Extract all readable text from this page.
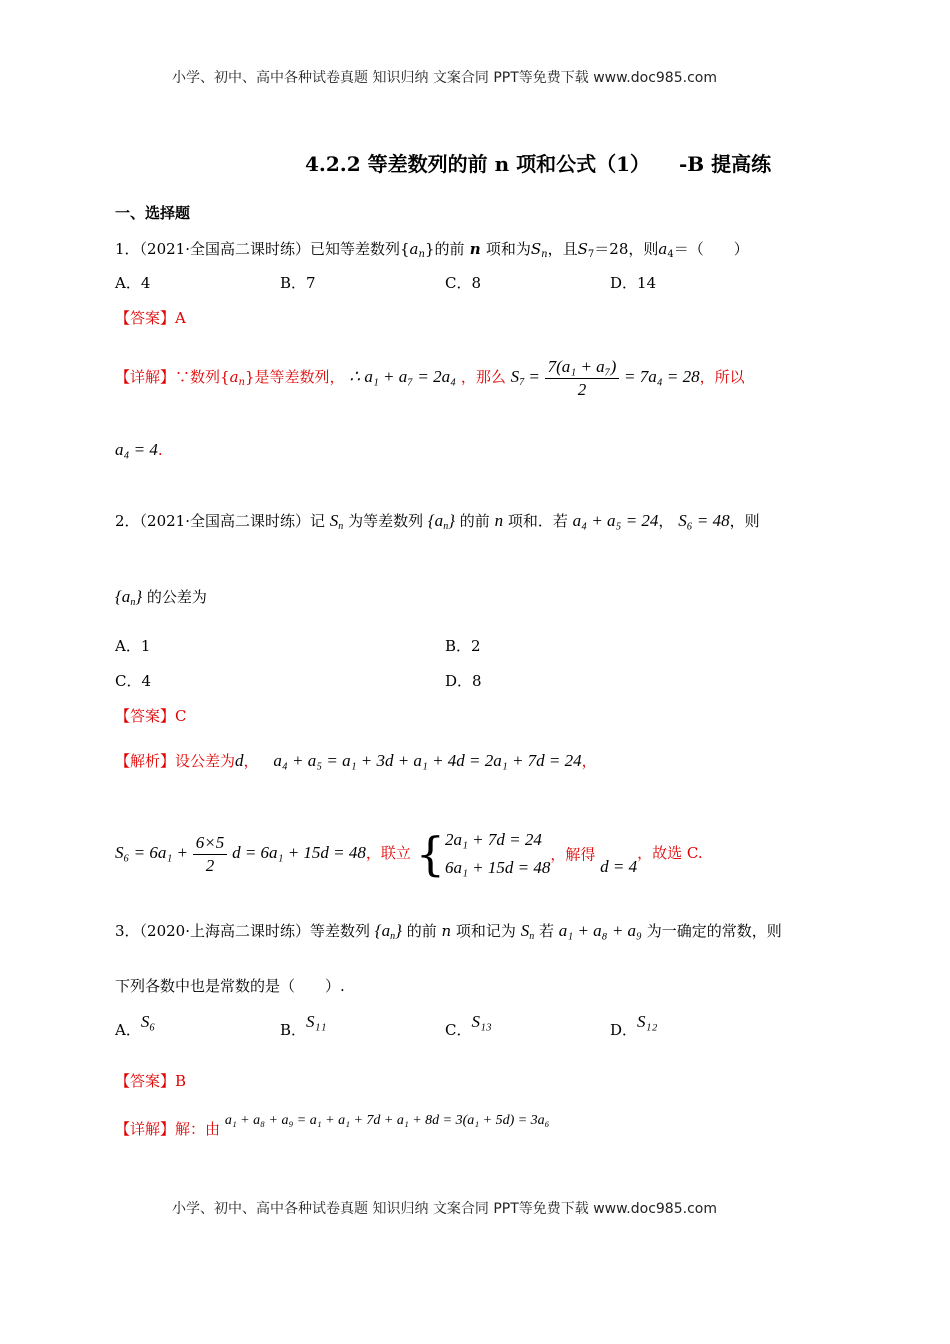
小学、初中、高中各种试卷真题 知识归纳 文案合同 PPT等免费下载 www.doc985.com
4.2.2 等差数列的前 n 项和公式（1） -B 提高练
一、选择题
1．（2021·全国高二课时练）已知等差数列$\{a_n\}$的前 n 项和为$S_n$，且$S_7=28$，则$a_4=$（　　）
A．4	B．7	C．8	D．14
【答案】A
【详解】∵数列$\{a_n\}$是等差数列， ∴ a₁ + a₇ = 2a₄ ，那么 $S_7 = \frac{\text{7(a₁ + a₇)}}{2} = 7a_4 = 28$，所以
a₄ = 4.
2．（2021·全国高二课时练）记 $S_n$ 为等差数列 $\{a_n\}$ 的前 n 项和．若 a₄ + a₅ = 24， S₆ = 48，则
$\{a_n\}$ 的公差为
A．1	B．2
C．4	D．8
【答案】C
【解析】设公差为d， a₄ + a₅ = a₁ + 3d + a₁ + 4d = 2a₁ + 7d = 24，
$S_6 = 6a_1 + \frac{6\times 5}{2}$ d = 6a₁ + 15d = 48，联立 { 2a₁ + 7d = 24
6a₁ + 15d = 48
，解得 d = 4，故选 C.
3．（2020·上海高二课时练）等差数列 $\{a_n\}$ 的前 n 项和记为 $S_n$ 若 a₁ + a₈ + a₉ 为一确定的常数，则
下列各数中也是常数的是（　　）.
A．S₆	B．S₁₁	C．S₁₃	D．S₁₂
【答案】B
【详解】解：由 a₁ + a₈ + a₉ = a₁ + a₁ + 7d + a₁ + 8d = 3(a₁ + 5d) = 3a₆
小学、初中、高中各种试卷真题 知识归纳 文案合同 PPT等免费下载 www.doc985.com
